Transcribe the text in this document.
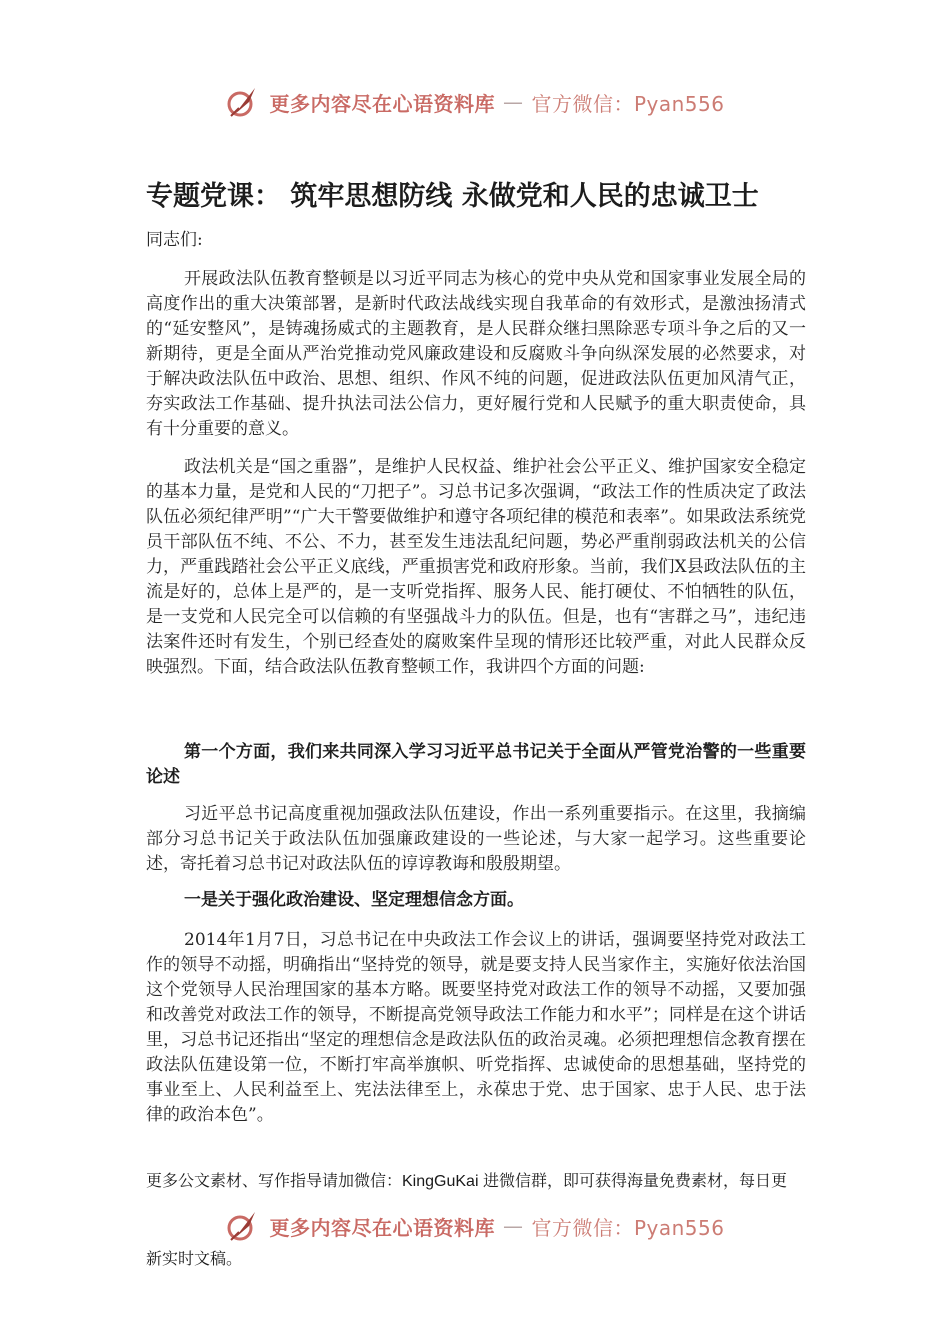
更多内容尽在心语资料库 — 官方微信：Pyan556
专题党课： 筑牢思想防线 永做党和人民的忠诚卫士
同志们:
开展政法队伍教育整顿是以习近平同志为核心的党中央从党和国家事业发展全局的高度作出的重大决策部署，是新时代政法战线实现自我革命的有效形式，是激浊扬清式的“延安整风”，是铸魂扬威式的主题教育，是人民群众继扫黑除恶专项斗争之后的又一新期待，更是全面从严治党推动党风廉政建设和反腐败斗争向纵深发展的必然要求，对于解决政法队伍中政治、思想、组织、作风不纯的问题，促进政法队伍更加风清气正，夯实政法工作基础、提升执法司法公信力，更好履行党和人民赋予的重大职责使命，具有十分重要的意义。
政法机关是“国之重器”，是维护人民权益、维护社会公平正义、维护国家安全稳定的基本力量，是党和人民的“刀把子”。习总书记多次强调，“政法工作的性质决定了政法队伍必须纪律严明”“广大干警要做维护和遵守各项纪律的模范和表率”。如果政法系统党员干部队伍不纯、不公、不力，甚至发生违法乱纪问题，势必严重削弱政法机关的公信力，严重践踏社会公平正义底线，严重损害党和政府形象。当前，我们X县政法队伍的主流是好的，总体上是严的，是一支听党指挥、服务人民、能打硬仗、不怕牺牲的队伍，是一支党和人民完全可以信赖的有坚强战斗力的队伍。但是，也有“害群之马”，违纪违法案件还时有发生，个别已经查处的腐败案件呈现的情形还比较严重，对此人民群众反映强烈。下面，结合政法队伍教育整顿工作，我讲四个方面的问题:
第一个方面，我们来共同深入学习习近平总书记关于全面从严管党治警的一些重要论述
习近平总书记高度重视加强政法队伍建设，作出一系列重要指示。在这里，我摘编部分习总书记关于政法队伍加强廉政建设的一些论述，与大家一起学习。这些重要论述，寄托着习总书记对政法队伍的谆谆教诲和殷殷期望。
一是关于强化政治建设、坚定理想信念方面。
2014年1月7日，习总书记在中央政法工作会议上的讲话，强调要坚持党对政法工作的领导不动摇，明确指出“坚持党的领导，就是要支持人民当家作主，实施好依法治国这个党领导人民治理国家的基本方略。既要坚持党对政法工作的领导不动摇，又要加强和改善党对政法工作的领导，不断提高党领导政法工作能力和水平”；同样是在这个讲话里，习总书记还指出“坚定的理想信念是政法队伍的政治灵魂。必须把理想信念教育摆在政法队伍建设第一位，不断打牢高举旗帜、听党指挥、忠诚使命的思想基础，坚持党的事业至上、人民利益至上、宪法法律至上，永葆忠于党、忠于国家、忠于人民、忠于法律的政治本色”。
更多公文素材、写作指导请加微信：KingGuKai 进微信群，即可获得海量免费素材，每日更
更多内容尽在心语资料库 — 官方微信：Pyan556
新实时文稿。
